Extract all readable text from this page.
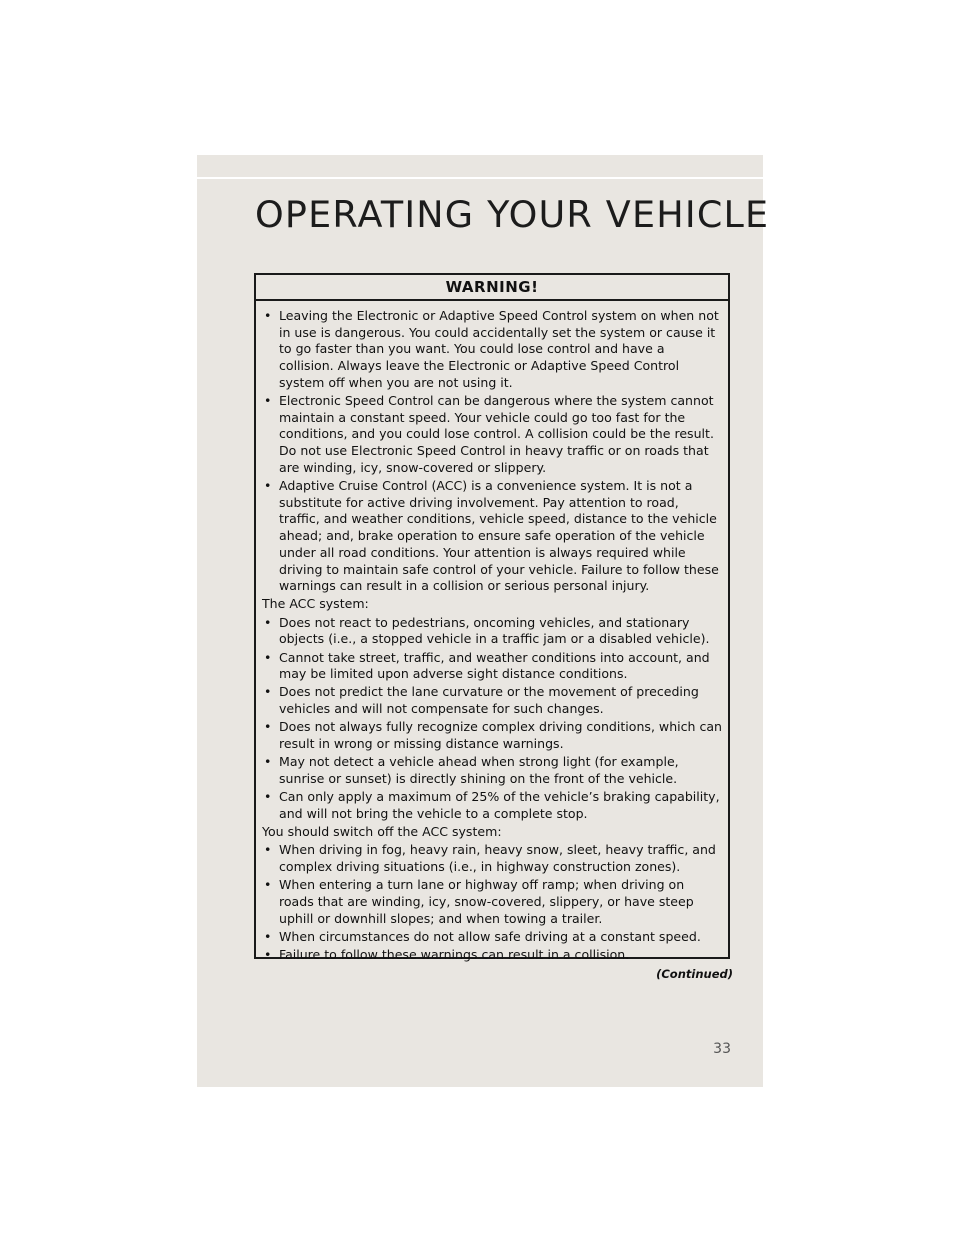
OPERATING YOUR VEHICLE
WARNING!
• Leaving the Electronic or Adaptive Speed Control system on when not in use is dangerous. You could accidentally set the system or cause it to go faster than you want. You could lose control and have a collision. Always leave the Electronic or Adaptive Speed Control system off when you are not using it.
• Electronic Speed Control can be dangerous where the system cannot maintain a constant speed. Your vehicle could go too fast for the conditions, and you could lose control. A collision could be the result. Do not use Electronic Speed Control in heavy traffic or on roads that are winding, icy, snow-covered or slippery.
• Adaptive Cruise Control (ACC) is a convenience system. It is not a substitute for active driving involvement. Pay attention to road, traffic, and weather conditions, vehicle speed, distance to the vehicle ahead; and, brake operation to ensure safe operation of the vehicle under all road conditions. Your attention is always required while driving to maintain safe control of your vehicle. Failure to follow these warnings can result in a collision or serious personal injury.

The ACC system:

• Does not react to pedestrians, oncoming vehicles, and stationary objects (i.e., a stopped vehicle in a traffic jam or a disabled vehicle).
• Cannot take street, traffic, and weather conditions into account, and may be limited upon adverse sight distance conditions.
• Does not predict the lane curvature or the movement of preceding vehicles and will not compensate for such changes.
• Does not always fully recognize complex driving conditions, which can result in wrong or missing distance warnings.
• May not detect a vehicle ahead when strong light (for example, sunrise or sunset) is directly shining on the front of the vehicle.
• Can only apply a maximum of 25% of the vehicle’s braking capability, and will not bring the vehicle to a complete stop.

You should switch off the ACC system:

• When driving in fog, heavy rain, heavy snow, sleet, heavy traffic, and complex driving situations (i.e., in highway construction zones).
• When entering a turn lane or highway off ramp; when driving on roads that are winding, icy, snow-covered, slippery, or have steep uphill or downhill slopes; and when towing a trailer.
• When circumstances do not allow safe driving at a constant speed.
• Failure to follow these warnings can result in a collision.
(Continued)
33
